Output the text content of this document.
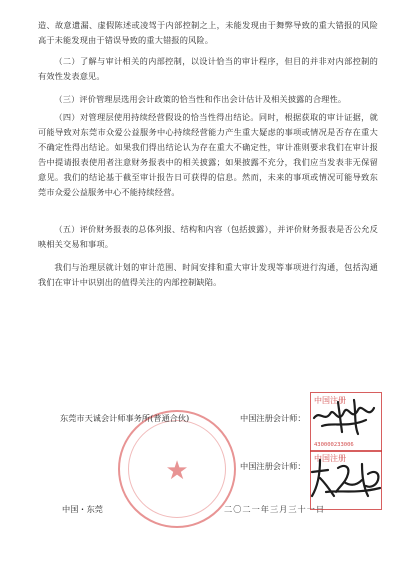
造、故意遗漏、虚假陈述或凌驾于内部控制之上，未能发现由于舞弊导致的重大错报的风险高于未能发现由于错误导致的重大错报的风险。
（二）了解与审计相关的内部控制，以设计恰当的审计程序，但目的并非对内部控制的有效性发表意见。
（三）评价管理层选用会计政策的恰当性和作出会计估计及相关披露的合理性。
（四）对管理层使用持续经营假设的恰当性得出结论。同时，根据获取的审计证据，就可能导致对东莞市众爱公益服务中心持续经营能力产生重大疑虑的事项或情况是否存在重大不确定性得出结论。如果我们得出结论认为存在重大不确定性，审计准则要求我们在审计报告中提请报表使用者注意财务报表中的相关披露；如果披露不充分，我们应当发表非无保留意见。我们的结论基于截至审计报告日可获得的信息。然而，未来的事项或情况可能导致东莞市众爱公益服务中心不能持续经营。
（五）评价财务报表的总体列报、结构和内容（包括披露），并评价财务报表是否公允反映相关交易和事项。
我们与治理层就计划的审计范围、时间安排和重大审计发现等事项进行沟通，包括沟通我们在审计中识别出的值得关注的内部控制缺陷。
★
东莞市天诚会计师事务所(普通合伙)	中国注册会计师：
中国注册会计师：
中国・东莞	二〇二一年三月三十一日
中国注册
430000233006
中国注册
